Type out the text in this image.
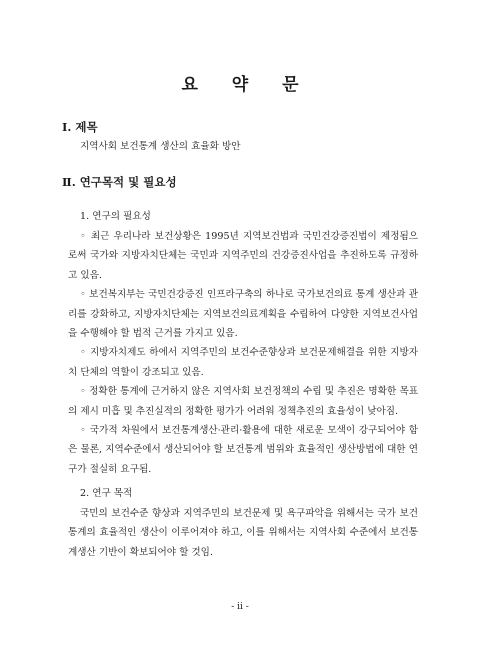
요 약 문
Ⅰ. 제목
지역사회 보건통계 생산의 효율화 방안
Ⅱ. 연구목적 및 필요성
1. 연구의 필요성

◦ 최근 우리나라 보건상황은 1995년 지역보건법과 국민건강증진법이 제정됨으로써 국가와 지방자치단체는 국민과 지역주민의 건강증진사업을 추진하도록 규정하고 있음.

◦ 보건복지부는 국민건강증진 인프라구축의 하나로 국가보건의료 통계 생산과 관리를 강화하고, 지방자치단체는 지역보건의료계획을 수립하여 다양한 지역보건사업을 수행해야 할 법적 근거를 가지고 있음.

◦ 지방자치제도 하에서 지역주민의 보건수준향상과 보건문제해결을 위한 지방자치 단체의 역할이 강조되고 있음.

◦ 정확한 통계에 근거하지 않은 지역사회 보건정책의 수립 및 추진은 명확한 목표의 제시 미흡 및 추진실적의 정확한 평가가 어려워 정책추진의 효율성이 낮아짐.

◦ 국가적 차원에서 보건통계생산·관리·활용에 대한 새로운 모색이 강구되어야 함은 물론, 지역수준에서 생산되어야 할 보건통계 범위와 효율적인 생산방법에 대한 연구가 절실히 요구됨.

2. 연구 목적

국민의 보건수준 향상과 지역주민의 보건문제 및 욕구파악을 위해서는 국가 보건통계의 효율적인 생산이 이루어져야 하고, 이를 위해서는 지역사회 수준에서 보건통계생산 기반이 확보되어야 할 것임.

- ii -
